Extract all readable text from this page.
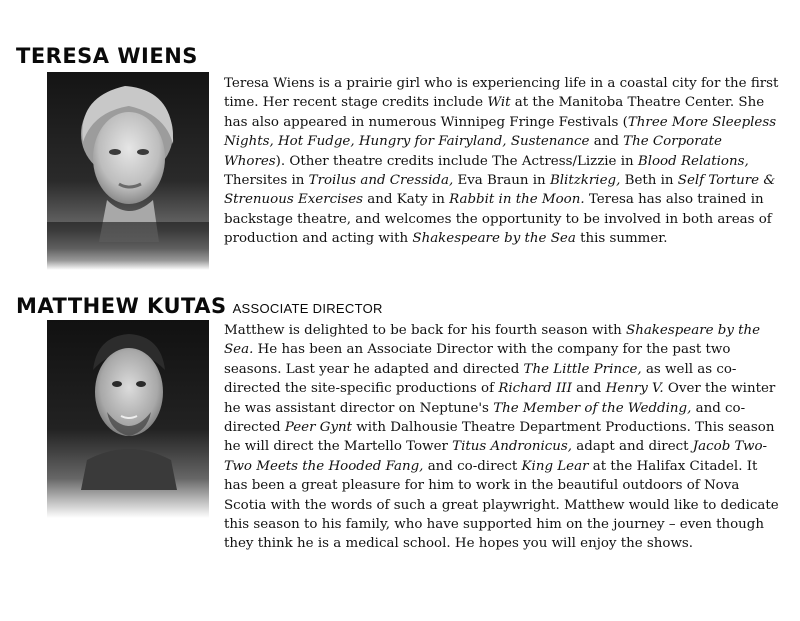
TERESA WIENS

Teresa Wiens is a prairie girl who is experiencing life in a coastal city for the first time. Her recent stage credits include Wit at the Manitoba Theatre Center. She has also appeared in numerous Winnipeg Fringe Festivals (Three More Sleepless Nights, Hot Fudge, Hungry for Fairyland, Sustenance and The Corporate Whores). Other theatre credits include The Actress/Lizzie in Blood Relations, Thersites in Troilus and Cressida, Eva Braun in Blitzkrieg, Beth in Self Torture & Strenuous Exercises and Katy in Rabbit in the Moon. Teresa has also trained in backstage theatre, and welcomes the opportunity to be involved in both areas of production and acting with Shakespeare by the Sea this summer.

MATTHEW KUTAS ASSOCIATE DIRECTOR

Matthew is delighted to be back for his fourth season with Shakespeare by the Sea. He has been an Associate Director with the company for the past two seasons. Last year he adapted and directed The Little Prince, as well as co-directed the site-specific productions of Richard III and Henry V. Over the winter he was assistant director on Neptune's The Member of the Wedding, and co-directed Peer Gynt with Dalhousie Theatre Department Productions. This season he will direct the Martello Tower Titus Andronicus, adapt and direct Jacob Two-Two Meets the Hooded Fang, and co-direct King Lear at the Halifax Citadel. It has been a great pleasure for him to work in the beautiful outdoors of Nova Scotia with the words of such a great playwright. Matthew would like to dedicate this season to his family, who have supported him on the journey – even though they think he is a medical school. He hopes you will enjoy the shows.
